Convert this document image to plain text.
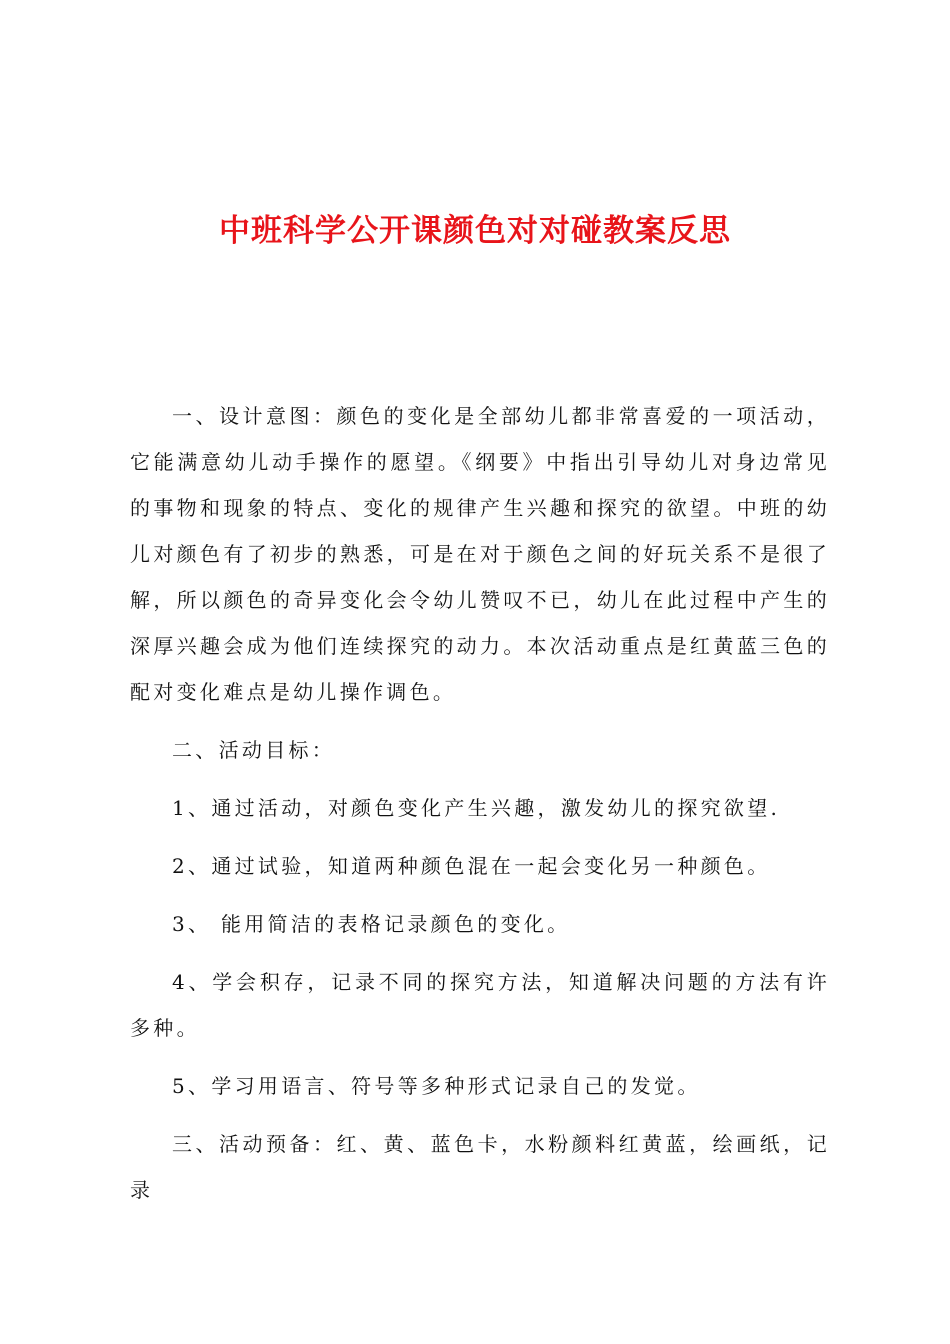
中班科学公开课颜色对对碰教案反思

一、设计意图：颜色的变化是全部幼儿都非常喜爱的一项活动，它能满意幼儿动手操作的愿望。《纲要》中指出引导幼儿对身边常见的事物和现象的特点、变化的规律产生兴趣和探究的欲望。中班的幼儿对颜色有了初步的熟悉，可是在对于颜色之间的好玩关系不是很了解，所以颜色的奇异变化会令幼儿赞叹不已，幼儿在此过程中产生的深厚兴趣会成为他们连续探究的动力。本次活动重点是红黄蓝三色的配对变化难点是幼儿操作调色。

二、活动目标：

1、通过活动，对颜色变化产生兴趣，激发幼儿的探究欲望.

2、通过试验，知道两种颜色混在一起会变化另一种颜色。

3、 能用简洁的表格记录颜色的变化。

4、学会积存，记录不同的探究方法，知道解决问题的方法有许多种。

5、学习用语言、符号等多种形式记录自己的发觉。

三、活动预备：红、黄、蓝色卡，水粉颜料红黄蓝，绘画纸，记录
